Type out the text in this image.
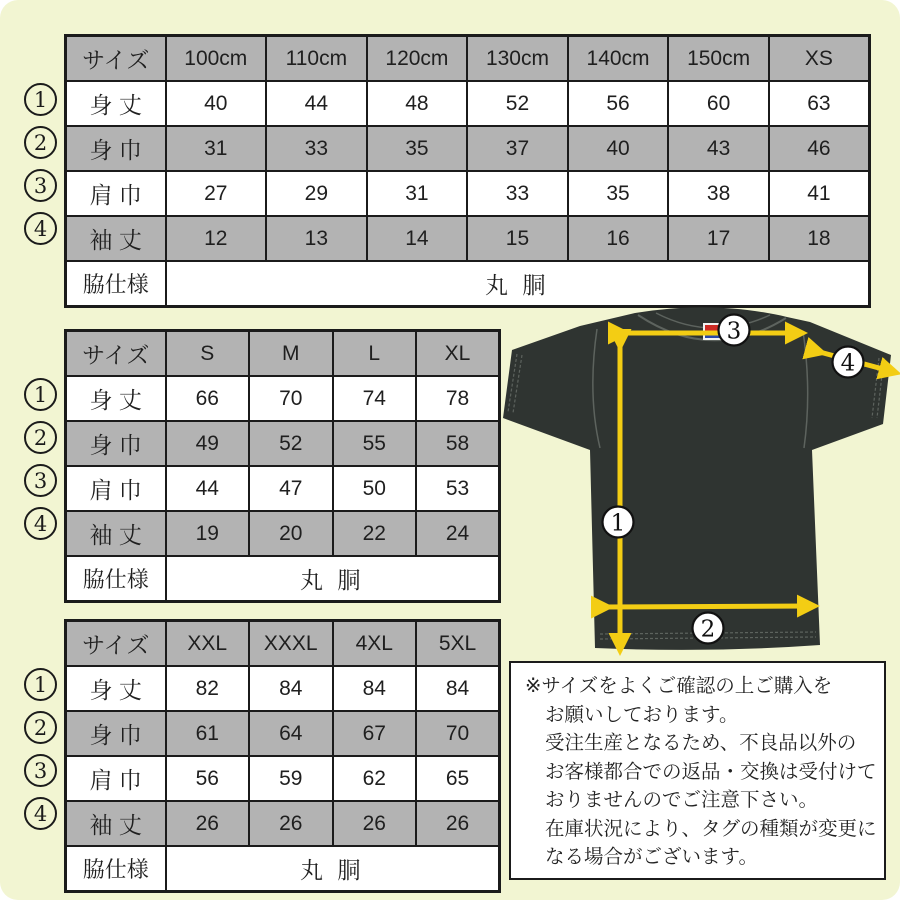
サイズ	100cm	110cm	120cm	130cm	140cm	150cm	XS
身 丈	40	44	48	52	56	60	63
身 巾	31	33	35	37	40	43	46
肩 巾	27	29	31	33	35	38	41
袖 丈	12	13	14	15	16	17	18
脇仕様	丸 胴						
サイズ	S	M	L	XL
身 丈	66	70	74	78
身 巾	49	52	55	58
肩 巾	44	47	50	53
袖 丈	19	20	22	24
脇仕様	丸 胴			
サイズ	XXL	XXXL	4XL	5XL
身 丈	82	84	84	84
身 巾	61	64	67	70
肩 巾	56	59	62	65
袖 丈	26	26	26	26
脇仕様	丸 胴			
1
2
3
4
1
2
3
4
1
2
3
4
1
2
3
4
※サイズをよくご確認の上ご購入を
お願いしております。
受注生産となるため、不良品以外の
お客様都合での返品・交換は受付けて
おりませんのでご注意下さい。
在庫状況により、タグの種類が変更に
なる場合がございます。
